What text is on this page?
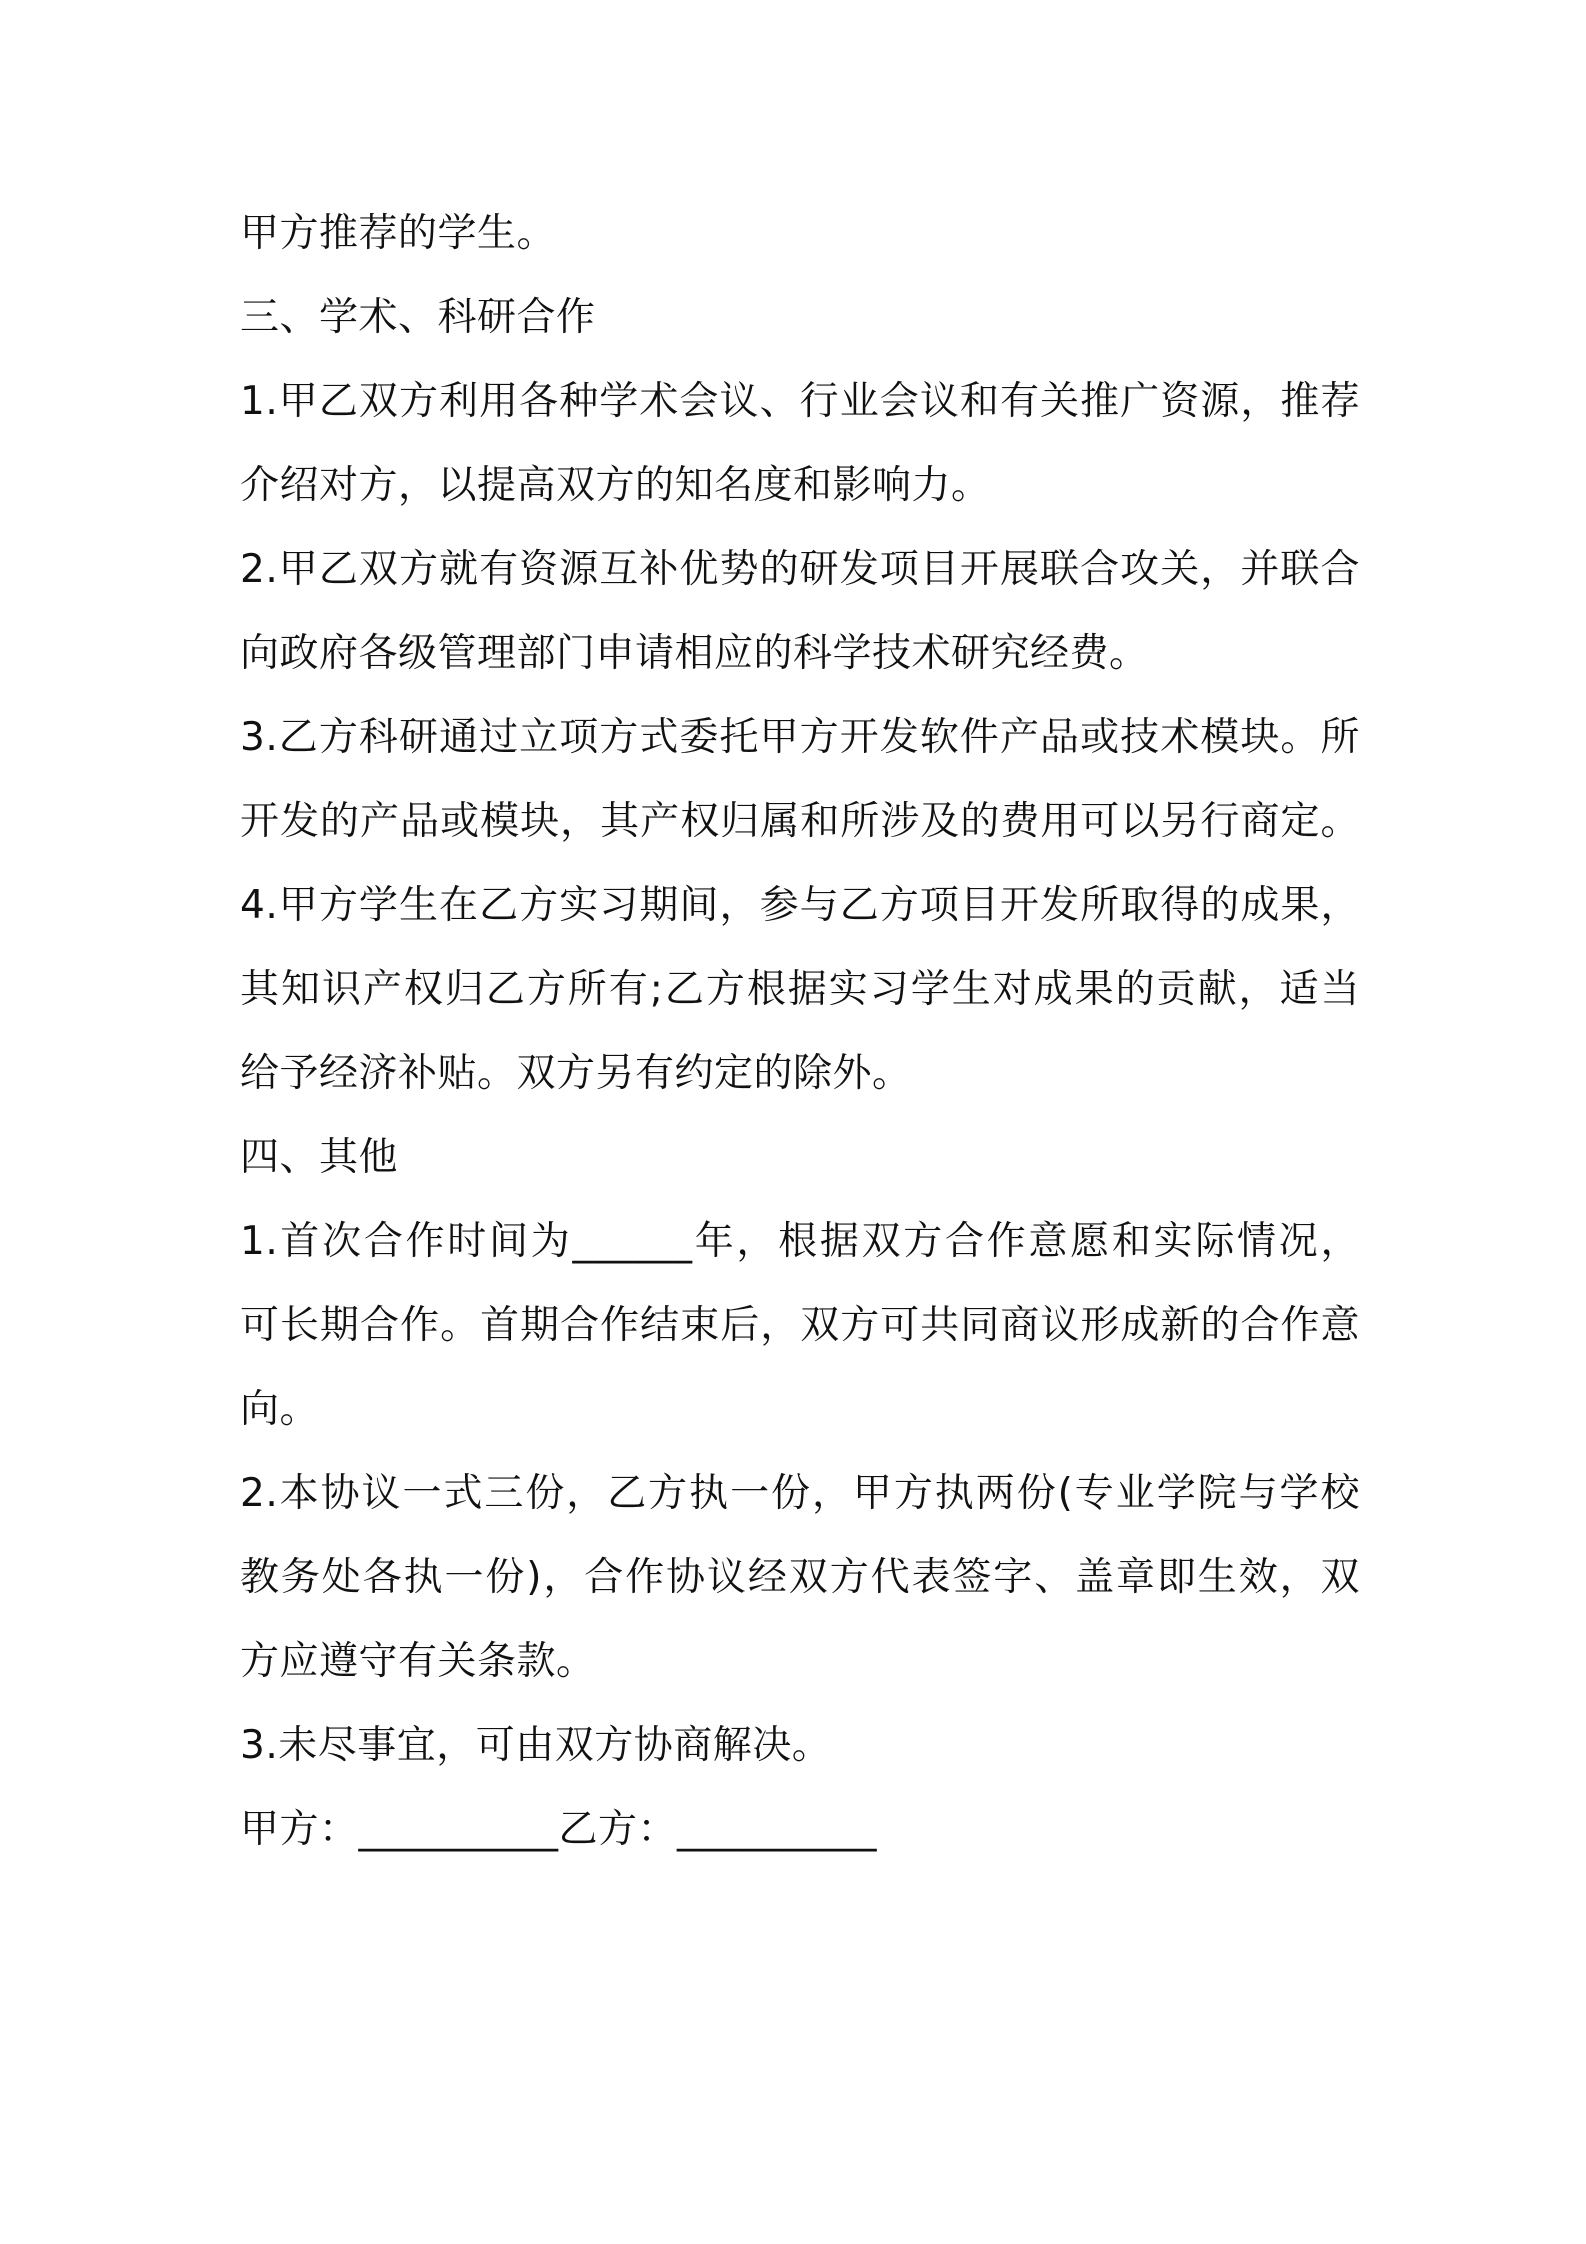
甲方推荐的学生。
三、学术、科研合作
1.甲乙双方利用各种学术会议、行业会议和有关推广资源，推荐
介绍对方，以提高双方的知名度和影响力。
2.甲乙双方就有资源互补优势的研发项目开展联合攻关，并联合
向政府各级管理部门申请相应的科学技术研究经费。
3.乙方科研通过立项方式委托甲方开发软件产品或技术模块。所
开发的产品或模块，其产权归属和所涉及的费用可以另行商定。
4.甲方学生在乙方实习期间，参与乙方项目开发所取得的成果，
其知识产权归乙方所有;乙方根据实习学生对成果的贡献，适当
给予经济补贴。双方另有约定的除外。
四、其他
1.首次合作时间为______年，根据双方合作意愿和实际情况，
可长期合作。首期合作结束后，双方可共同商议形成新的合作意
向。
2.本协议一式三份，乙方执一份，甲方执两份(专业学院与学校
教务处各执一份)，合作协议经双方代表签字、盖章即生效，双
方应遵守有关条款。
3.未尽事宜，可由双方协商解决。
甲方：__________乙方：__________
